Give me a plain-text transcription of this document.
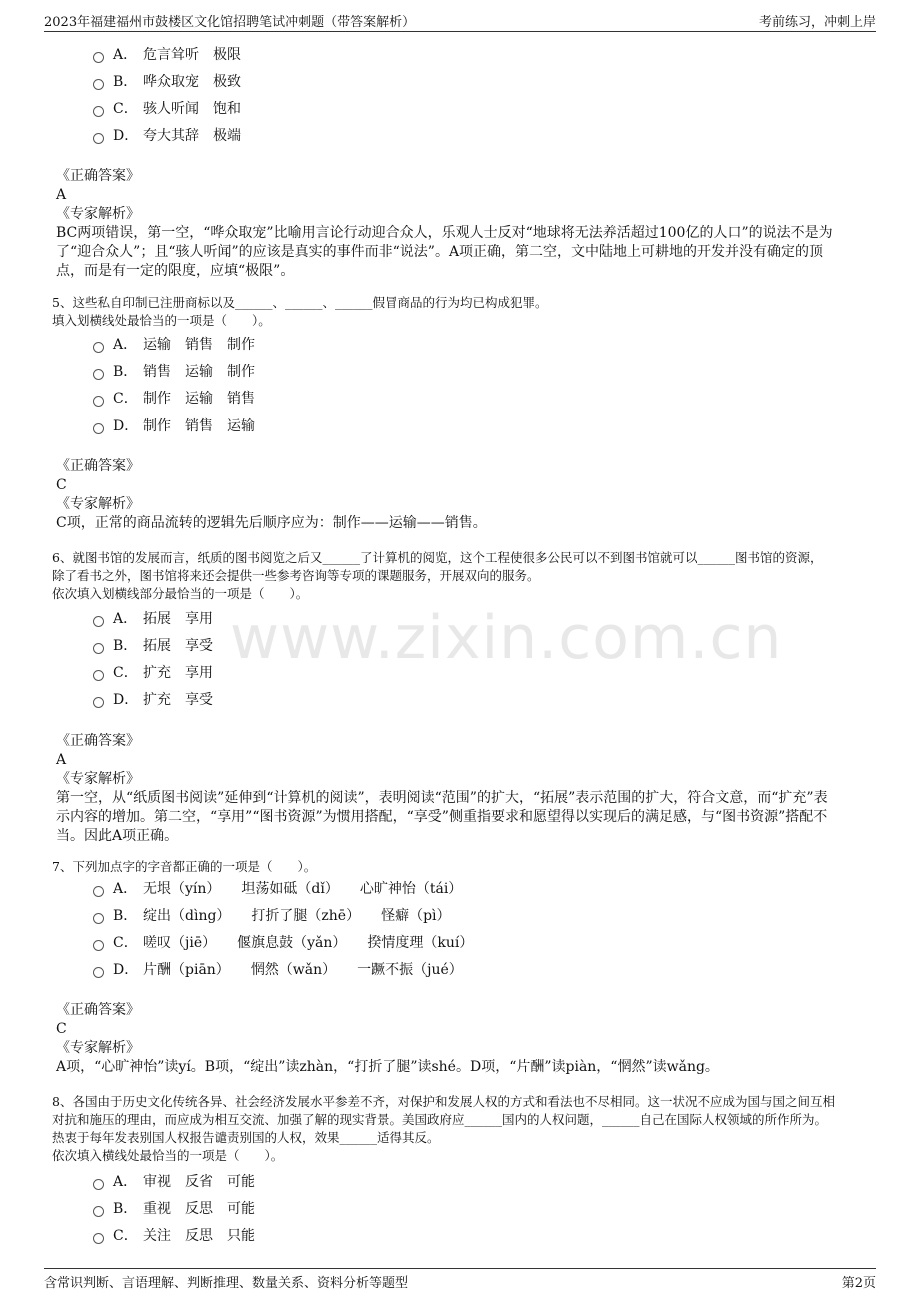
2023年福建福州市鼓楼区文化馆招聘笔试冲刺题（带答案解析）	考前练习，冲刺上岸
www.zixin.com.cn
A． 危言耸听　极限
B． 哗众取宠　极致
C． 骇人听闻　饱和
D． 夸大其辞　极端
《正确答案》
A
《专家解析》
BC两项错误，第一空，“哗众取宠”比喻用言论行动迎合众人，乐观人士反对“地球将无法养活超过100亿的人口”的说法不是为
了“迎合众人”；且“骇人听闻”的应该是真实的事件而非“说法”。A项正确，第二空，文中陆地上可耕地的开发并没有确定的顶
点，而是有一定的限度，应填“极限”。
5、这些私自印制已注册商标以及______、______、______假冒商品的行为均已构成犯罪。
填入划横线处最恰当的一项是（　　）。
A． 运输　销售　制作
B． 销售　运输　制作
C． 制作　运输　销售
D． 制作　销售　运输
《正确答案》
C
《专家解析》
C项，正常的商品流转的逻辑先后顺序应为：制作——运输——销售。
6、就图书馆的发展而言，纸质的图书阅览之后又______了计算机的阅览，这个工程使很多公民可以不到图书馆就可以______图书馆的资源，
除了看书之外，图书馆将来还会提供一些参考咨询等专项的课题服务，开展双向的服务。
依次填入划横线部分最恰当的一项是（　　）。
A． 拓展　享用
B． 拓展　享受
C． 扩充　享用
D． 扩充　享受
《正确答案》
A
《专家解析》
第一空，从“纸质图书阅读”延伸到“计算机的阅读”，表明阅读“范围”的扩大，“拓展”表示范围的扩大，符合文意，而“扩充”表
示内容的增加。第二空，“享用”“图书资源”为惯用搭配，“享受”侧重指要求和愿望得以实现后的满足感，与“图书资源”搭配不
当。因此A项正确。
7、下列加点字的字音都正确的一项是（　　）。
A． 无垠（yín）　　坦荡如砥（dǐ）　　心旷神怡（tái）
B． 绽出（dìng）　　打折了腿（zhē）　　怪癖（pì）
C． 嗟叹（jiē）　　偃旗息鼓（yǎn）　　揆情度理（kuí）
D． 片酬（piān）　　惘然（wǎn）　　一蹶不振（jué）
《正确答案》
C
《专家解析》
A项，“心旷神怡”读yí。B项，“绽出”读zhàn，“打折了腿”读shé。D项，“片酬”读piàn，“惘然”读wǎng。
8、各国由于历史文化传统各异、社会经济发展水平参差不齐，对保护和发展人权的方式和看法也不尽相同。这一状况不应成为国与国之间互相
对抗和施压的理由，而应成为相互交流、加强了解的现实背景。美国政府应______国内的人权问题，______自己在国际人权领域的所作所为。
热衷于每年发表别国人权报告谴责别国的人权，效果______适得其反。
依次填入横线处最恰当的一项是（　　）。
A． 审视　反省　可能
B． 重视　反思　可能
C． 关注　反思　只能
含常识判断、言语理解、判断推理、数量关系、资料分析等题型	第2页
